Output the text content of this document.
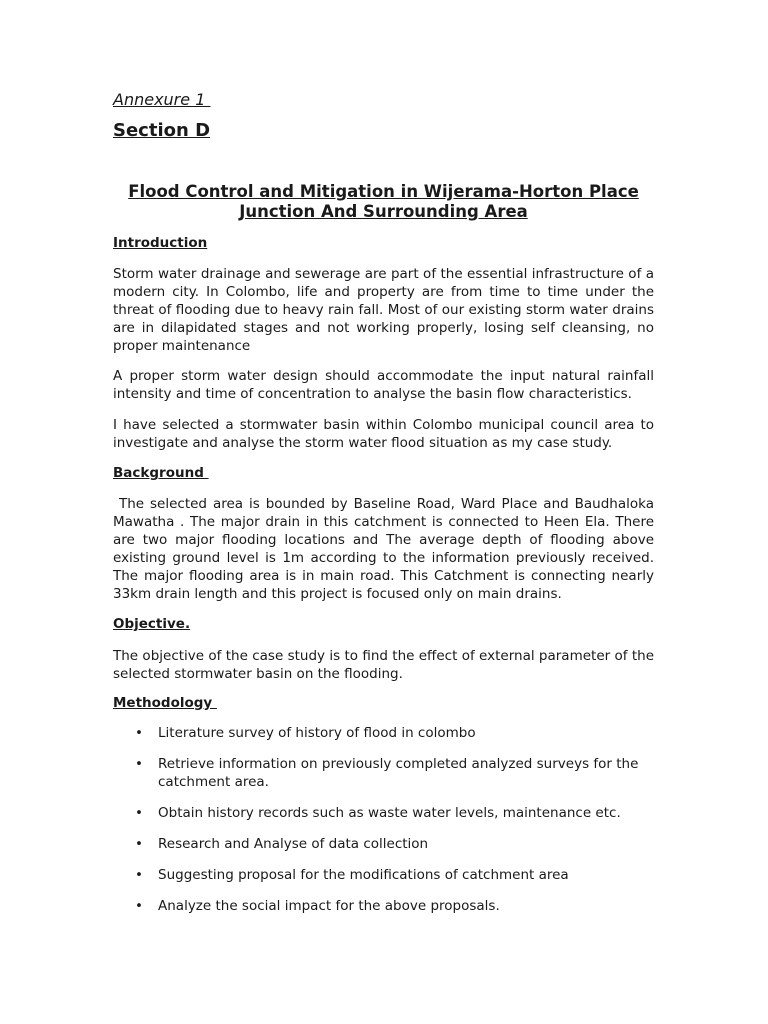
Annexure 1
Section D
Flood Control and Mitigation in Wijerama-Horton Place Junction And Surrounding Area
Introduction

Storm water drainage and sewerage are part of the essential infrastructure of a modern city. In Colombo, life and property are from time to time under the threat of flooding due to heavy rain fall. Most of our existing storm water drains are in dilapidated stages and not working properly, losing self cleansing, no proper maintenance

A proper storm water design should accommodate the input natural rainfall intensity and time of concentration to analyse the basin flow characteristics.

I have selected a stormwater basin within Colombo municipal council area to investigate and analyse the storm water flood situation as my case study.

Background

The selected area is bounded by Baseline Road, Ward Place and Baudhaloka Mawatha . The major drain in this catchment is connected to Heen Ela. There are two major flooding locations and The average depth of flooding above existing ground level is 1m according to the information previously received. The major flooding area is in main road. This Catchment is connecting nearly 33km drain length and this project is focused only on main drains.

Objective.

The objective of the case study is to find the effect of external parameter of the selected stormwater basin on the flooding.

Methodology
• Literature survey of history of flood in colombo
• Retrieve information on previously completed analyzed surveys for the catchment area.
• Obtain history records such as waste water levels, maintenance etc.
• Research and Analyse of data collection
• Suggesting proposal for the modifications of catchment area
• Analyze the social impact for the above proposals.
